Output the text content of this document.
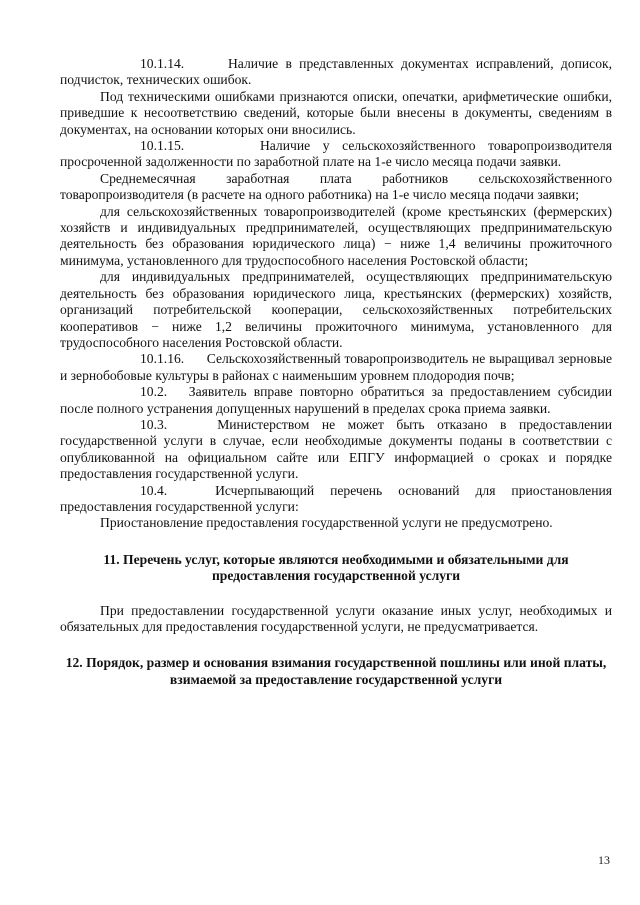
10.1.14.	Наличие в представленных документах исправлений, дописок, подчисток, технических ошибок.

Под техническими ошибками признаются описки, опечатки, арифметические ошибки, приведшие к несоответствию сведений, которые были внесены в документы, сведениям в документах, на основании которых они вносились.

10.1.15.	Наличие у сельскохозяйственного товаропроизводителя просроченной задолженности по заработной плате на 1-е число месяца подачи заявки.

Среднемесячная заработная плата работников сельскохозяйственного товаропроизводителя (в расчете на одного работника) на 1-е число месяца подачи заявки;

для сельскохозяйственных товаропроизводителей (кроме крестьянских (фермерских) хозяйств и индивидуальных предпринимателей, осуществляющих предпринимательскую деятельность без образования юридического лица) − ниже 1,4 величины прожиточного минимума, установленного для трудоспособного населения Ростовской области;

для индивидуальных предпринимателей, осуществляющих предпринимательскую деятельность без образования юридического лица, крестьянских (фермерских) хозяйств, организаций потребительской кооперации, сельскохозяйственных потребительских кооперативов − ниже 1,2 величины прожиточного минимума, установленного для трудоспособного населения Ростовской области.

10.1.16. Сельскохозяйственный товаропроизводитель не выращивал зерновые и зернобобовые культуры в районах с наименьшим уровнем плодородия почв;

10.2. Заявитель вправе повторно обратиться за предоставлением субсидии после полного устранения допущенных нарушений в пределах срока приема заявки.

10.3.	Министерством не может быть отказано в предоставлении государственной услуги в случае, если необходимые документы поданы в соответствии с опубликованной на официальном сайте или ЕПГУ информацией о сроках и порядке предоставления государственной услуги.

10.4.	Исчерпывающий перечень оснований для приостановления предоставления государственной услуги:

Приостановление предоставления государственной услуги не предусмотрено.

11. Перечень услуг, которые являются необходимыми и обязательными для предоставления государственной услуги

При предоставлении государственной услуги оказание иных услуг, необходимых и обязательных для предоставления государственной услуги, не предусматривается.

12. Порядок, размер и основания взимания государственной пошлины или иной платы, взимаемой за предоставление государственной услуги
13
